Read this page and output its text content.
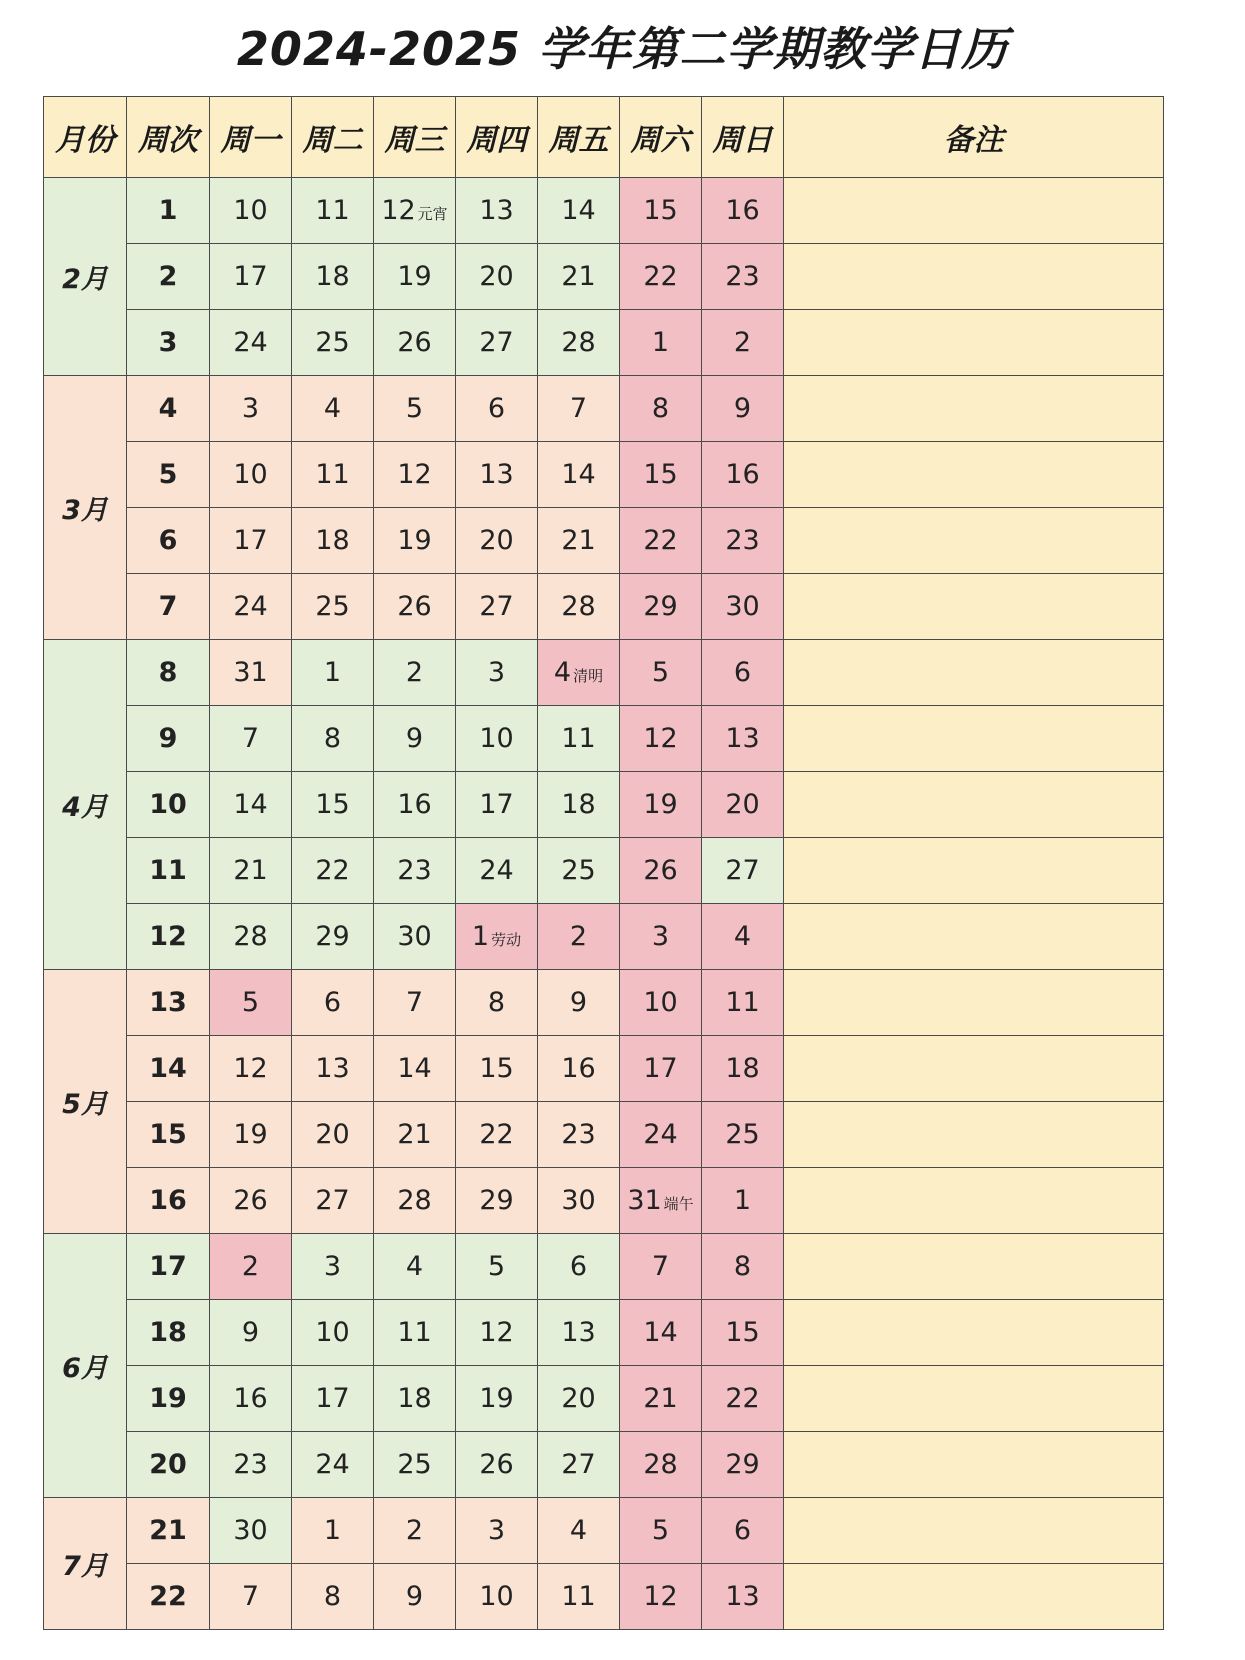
2024-2025 学年第二学期教学日历
月份	周次	周一	周二	周三	周四	周五	周六	周日	备注
2月	1	10	11	12 元宵	13	14	15	16	
	2	17	18	19	20	21	22	23	
	3	24	25	26	27	28	1	2	
3月	4	3	4	5	6	7	8	9	
	5	10	11	12	13	14	15	16	
	6	17	18	19	20	21	22	23	
	7	24	25	26	27	28	29	30	
4月	8	31	1	2	3	4 清明	5	6	
	9	7	8	9	10	11	12	13	
	10	14	15	16	17	18	19	20	
	11	21	22	23	24	25	26	27	
	12	28	29	30	1 劳动	2	3	4	
5月	13	5	6	7	8	9	10	11	
	14	12	13	14	15	16	17	18	
	15	19	20	21	22	23	24	25	
	16	26	27	28	29	30	31 端午	1	
6月	17	2	3	4	5	6	7	8	
	18	9	10	11	12	13	14	15	
	19	16	17	18	19	20	21	22	
	20	23	24	25	26	27	28	29	
7月	21	30	1	2	3	4	5	6	
	22	7	8	9	10	11	12	13	
